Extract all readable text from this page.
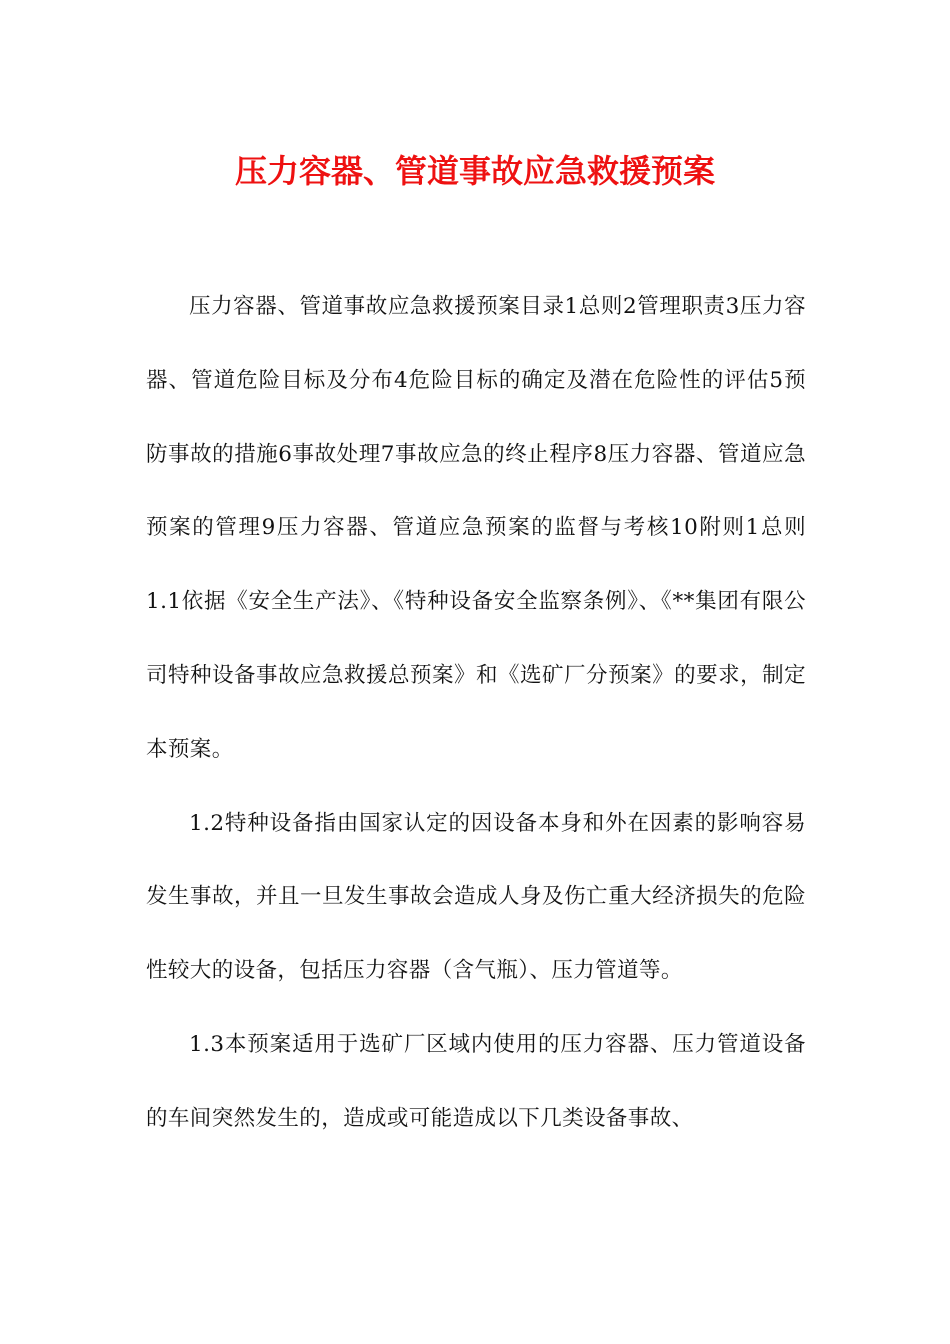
压力容器、管道事故应急救援预案

压力容器、管道事故应急救援预案目录1总则2管理职责3压力容器、管道危险目标及分布4危险目标的确定及潜在危险性的评估5预防事故的措施6事故处理7事故应急的终止程序8压力容器、管道应急预案的管理9压力容器、管道应急预案的监督与考核10附则1总则1.1依据《安全生产法》、《特种设备安全监察条例》、《**集团有限公司特种设备事故应急救援总预案》和《选矿厂分预案》的要求，制定本预案。

1.2特种设备指由国家认定的因设备本身和外在因素的影响容易发生事故，并且一旦发生事故会造成人身及伤亡重大经济损失的危险性较大的设备，包括压力容器（含气瓶）、压力管道等。

1.3本预案适用于选矿厂区域内使用的压力容器、压力管道设备的车间突然发生的，造成或可能造成以下几类设备事故、
